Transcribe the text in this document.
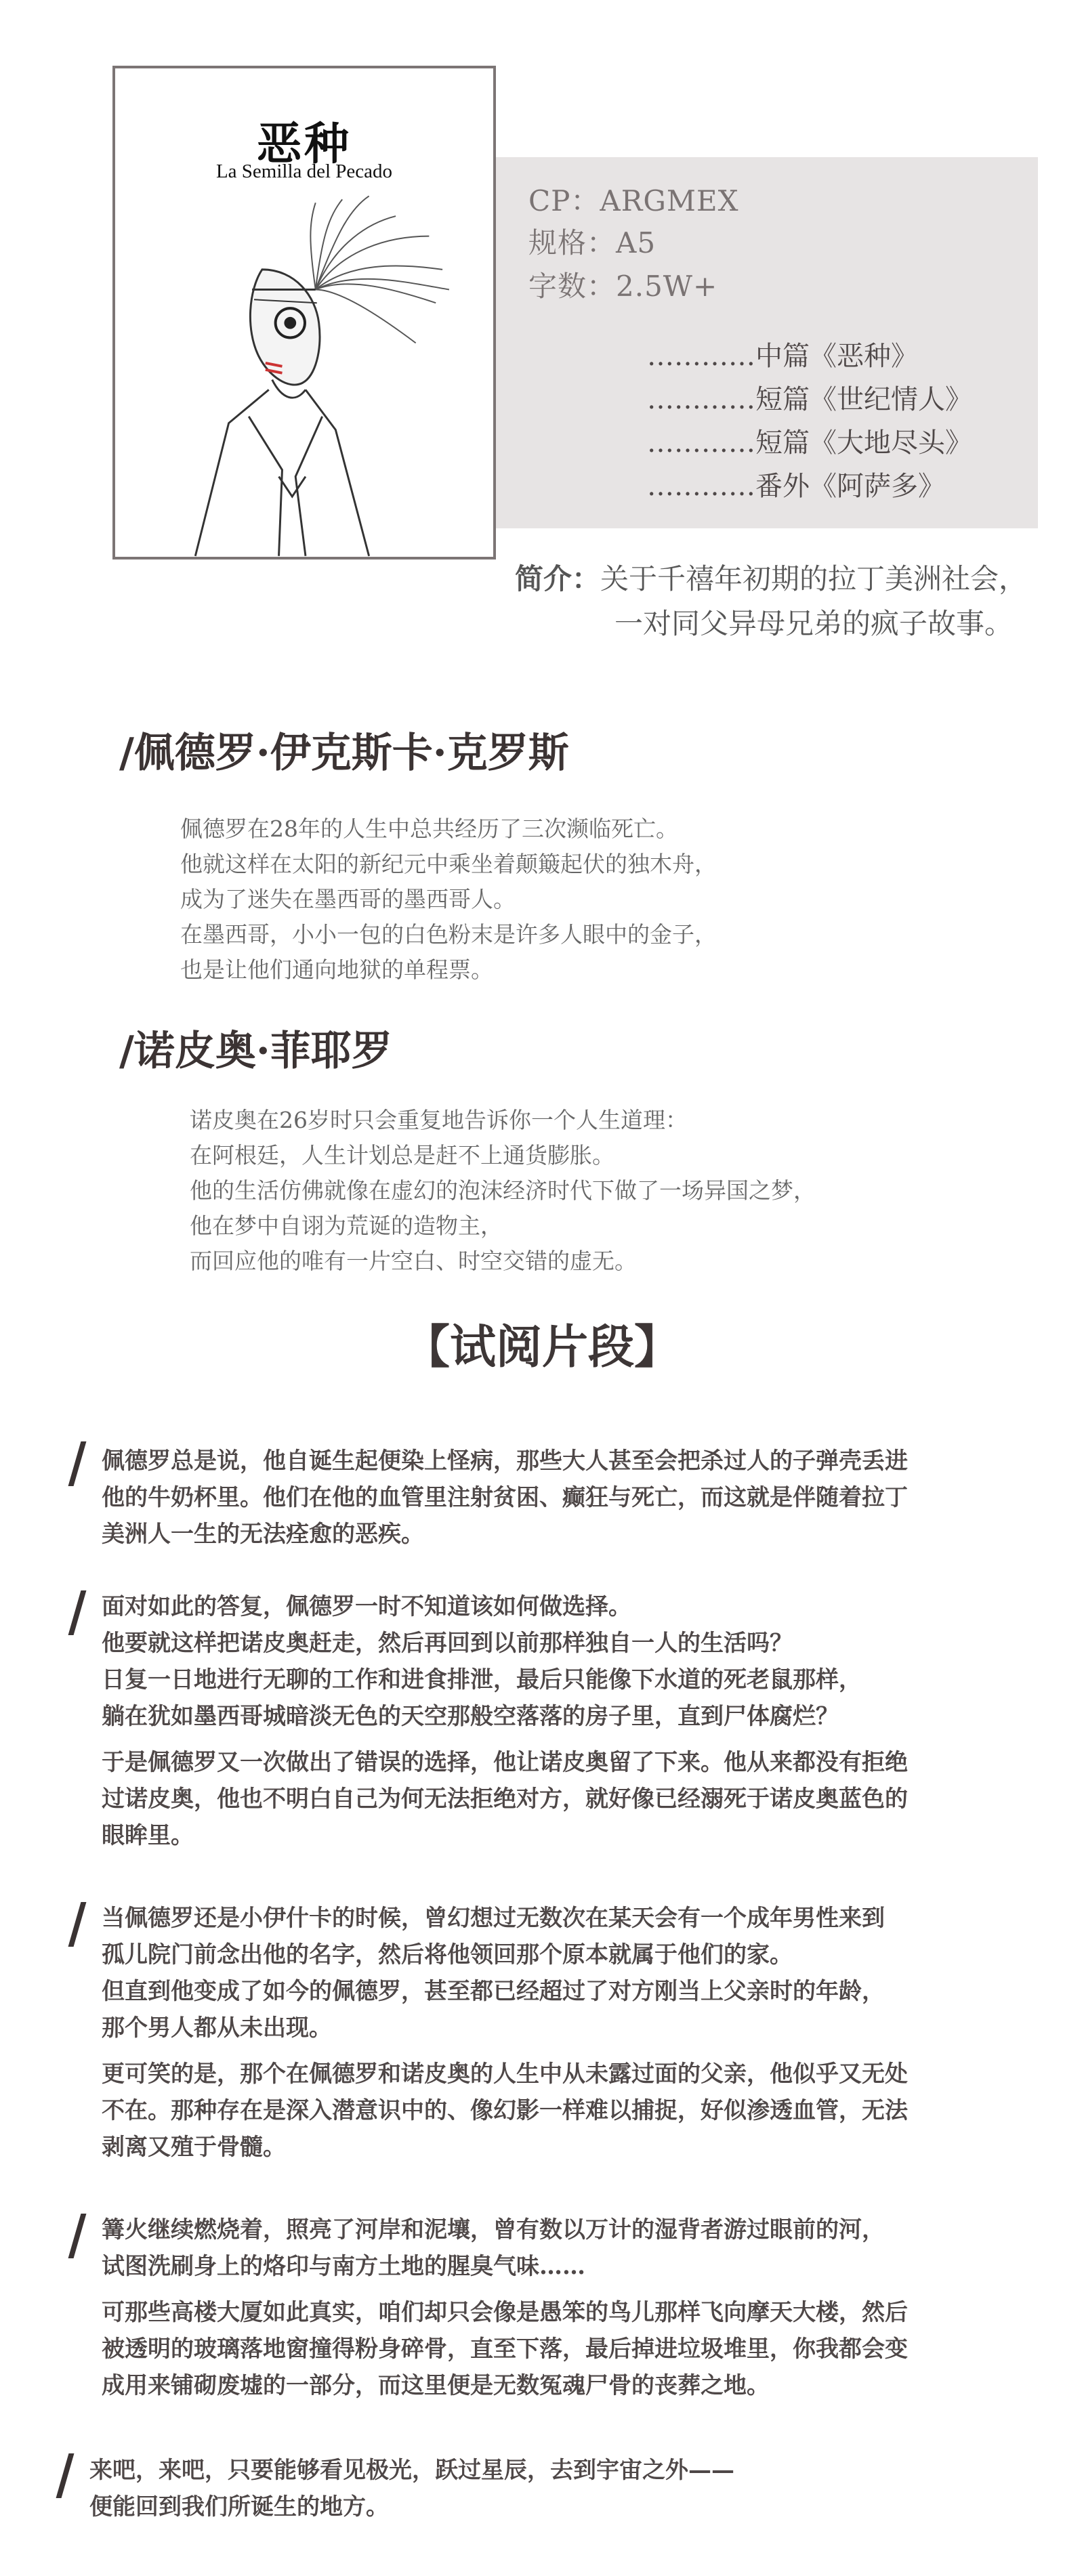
恶种
La Semilla del Pecado
CP：ARGMEX
规格：A5
字数：2.5W+
…………中篇《恶种》
…………短篇《世纪情人》
…………短篇《大地尽头》
…………番外《阿萨多》
简介：关于千禧年初期的拉丁美洲社会，
一对同父异母兄弟的疯子故事。
/佩德罗·伊克斯卡·克罗斯
佩德罗在28年的人生中总共经历了三次濒临死亡。
他就这样在太阳的新纪元中乘坐着颠簸起伏的独木舟，
成为了迷失在墨西哥的墨西哥人。
在墨西哥，小小一包的白色粉末是许多人眼中的金子，
也是让他们通向地狱的单程票。
/诺皮奥·菲耶罗
诺皮奥在26岁时只会重复地告诉你一个人生道理：
在阿根廷，人生计划总是赶不上通货膨胀。
他的生活仿佛就像在虚幻的泡沫经济时代下做了一场异国之梦，
他在梦中自诩为荒诞的造物主，
而回应他的唯有一片空白、时空交错的虚无。
【试阅片段】
佩德罗总是说，他自诞生起便染上怪病，那些大人甚至会把杀过人的子弹壳丢进
他的牛奶杯里。他们在他的血管里注射贫困、癫狂与死亡，而这就是伴随着拉丁
美洲人一生的无法痊愈的恶疾。
面对如此的答复，佩德罗一时不知道该如何做选择。
他要就这样把诺皮奥赶走，然后再回到以前那样独自一人的生活吗？
日复一日地进行无聊的工作和进食排泄，最后只能像下水道的死老鼠那样，
躺在犹如墨西哥城暗淡无色的天空那般空落落的房子里，直到尸体腐烂？
于是佩德罗又一次做出了错误的选择，他让诺皮奥留了下来。他从来都没有拒绝
过诺皮奥，他也不明白自己为何无法拒绝对方，就好像已经溺死于诺皮奥蓝色的
眼眸里。
当佩德罗还是小伊什卡的时候，曾幻想过无数次在某天会有一个成年男性来到
孤儿院门前念出他的名字，然后将他领回那个原本就属于他们的家。
但直到他变成了如今的佩德罗，甚至都已经超过了对方刚当上父亲时的年龄，
那个男人都从未出现。
更可笑的是，那个在佩德罗和诺皮奥的人生中从未露过面的父亲，他似乎又无处
不在。那种存在是深入潜意识中的、像幻影一样难以捕捉，好似渗透血管，无法
剥离又殖于骨髓。
篝火继续燃烧着，照亮了河岸和泥壤，曾有数以万计的湿背者游过眼前的河，
试图洗刷身上的烙印与南方土地的腥臭气味……
可那些高楼大厦如此真实，咱们却只会像是愚笨的鸟儿那样飞向摩天大楼，然后
被透明的玻璃落地窗撞得粉身碎骨，直至下落，最后掉进垃圾堆里，你我都会变
成用来铺砌废墟的一部分，而这里便是无数冤魂尸骨的丧葬之地。
来吧，来吧，只要能够看见极光，跃过星辰，去到宇宙之外——
便能回到我们所诞生的地方。
